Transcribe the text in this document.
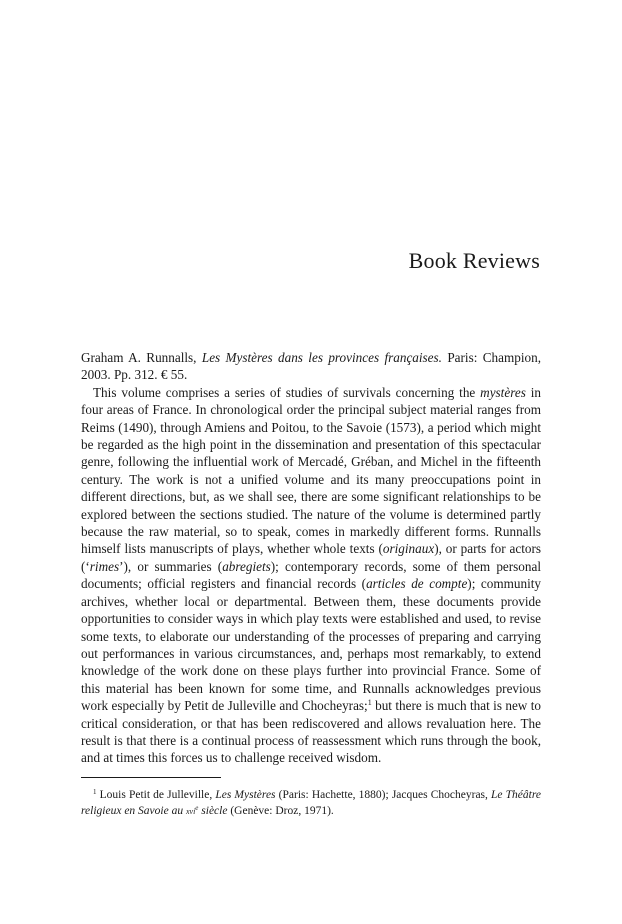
Book Reviews

Graham A. Runnalls, Les Mystères dans les provinces françaises. Paris: Champion, 2003. Pp. 312. € 55.

This volume comprises a series of studies of survivals concerning the mystères in four areas of France. In chronological order the principal subject material ranges from Reims (1490), through Amiens and Poitou, to the Savoie (1573), a period which might be regarded as the high point in the dissemination and presentation of this spectacular genre, following the influential work of Mercadé, Gréban, and Michel in the fifteenth century. The work is not a unified volume and its many preoccupations point in different directions, but, as we shall see, there are some significant relationships to be explored between the sections studied. The nature of the volume is determined partly because the raw material, so to speak, comes in markedly different forms. Runnalls himself lists manuscripts of plays, whether whole texts (originaux), or parts for actors (‘rimes’), or summaries (abregiets); contemporary records, some of them personal documents; official registers and financial records (articles de compte); community archives, whether local or departmental. Between them, these documents provide opportunities to consider ways in which play texts were established and used, to revise some texts, to elaborate our understanding of the processes of preparing and carrying out performances in various circumstances, and, perhaps most remarkably, to extend knowledge of the work done on these plays further into provincial France. Some of this material has been known for some time, and Runnalls acknowledges previous work especially by Petit de Julleville and Chocheyras;$^1$ but there is much that is new to critical consideration, or that has been rediscovered and allows revaluation here. The result is that there is a continual process of reassessment which runs through the book, and at times this forces us to challenge received wisdom.

$^1$ Louis Petit de Julleville, Les Mystères (Paris: Hachette, 1880); Jacques Chocheyras, Le Théâtre religieux en Savoie au xvi$^e$ siècle (Genève: Droz, 1971).
